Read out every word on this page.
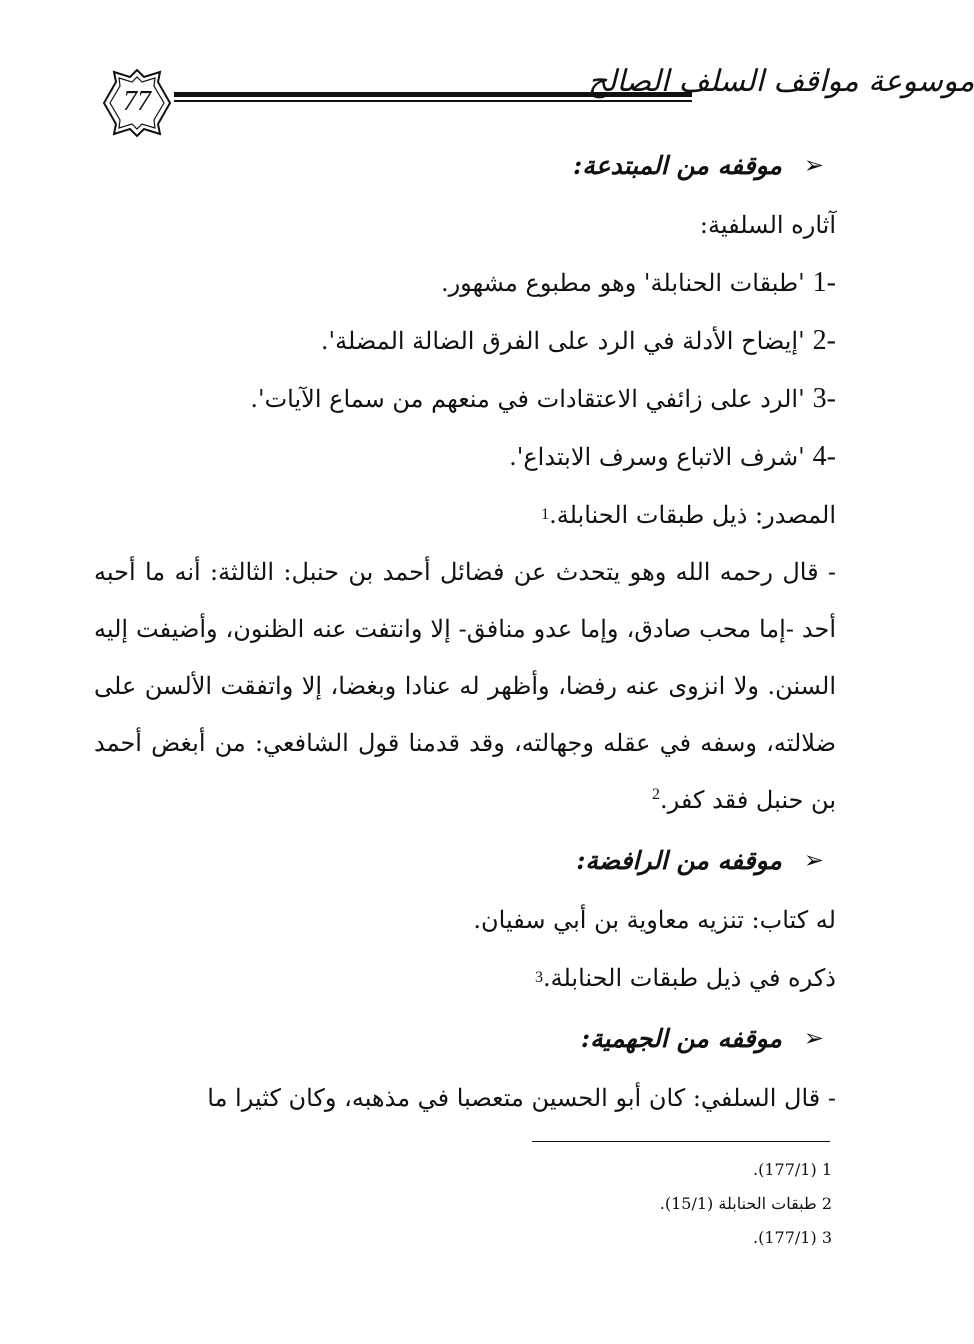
77
موسوعة مواقف السلف الصالح
➢
موقفه من المبتدعة:
آثاره السلفية:
1-
'طبقات الحنابلة' وهو مطبوع مشهور.
2-
'إيضاح الأدلة في الرد على الفرق الضالة المضلة'.
3-
'الرد على زائفي الاعتقادات في منعهم من سماع الآيات'.
4-
'شرف الاتباع وسرف الابتداع'.
المصدر: ذيل طبقات الحنابلة.
1
- قال رحمه الله وهو يتحدث عن فضائل أحمد بن حنبل: الثالثة: أنه ما أحبه أحد -إما محب صادق، وإما عدو منافق- إلا وانتفت عنه الظنون، وأضيفت إليه السنن. ولا انزوى عنه رفضا، وأظهر له عنادا وبغضا، إلا واتفقت الألسن على ضلالته، وسفه في عقله وجهالته، وقد قدمنا قول الشافعي: من أبغض أحمد بن حنبل فقد كفر.$^2$
➢
موقفه من الرافضة:
له كتاب: تنزيه معاوية بن أبي سفيان.
ذكره في ذيل طبقات الحنابلة.
3
➢
موقفه من الجهمية:
- قال السلفي: كان أبو الحسين متعصبا في مذهبه، وكان كثيرا ما
1

(177/1).
2

طبقات الحنابلة (15/1).
3

(177/1).
